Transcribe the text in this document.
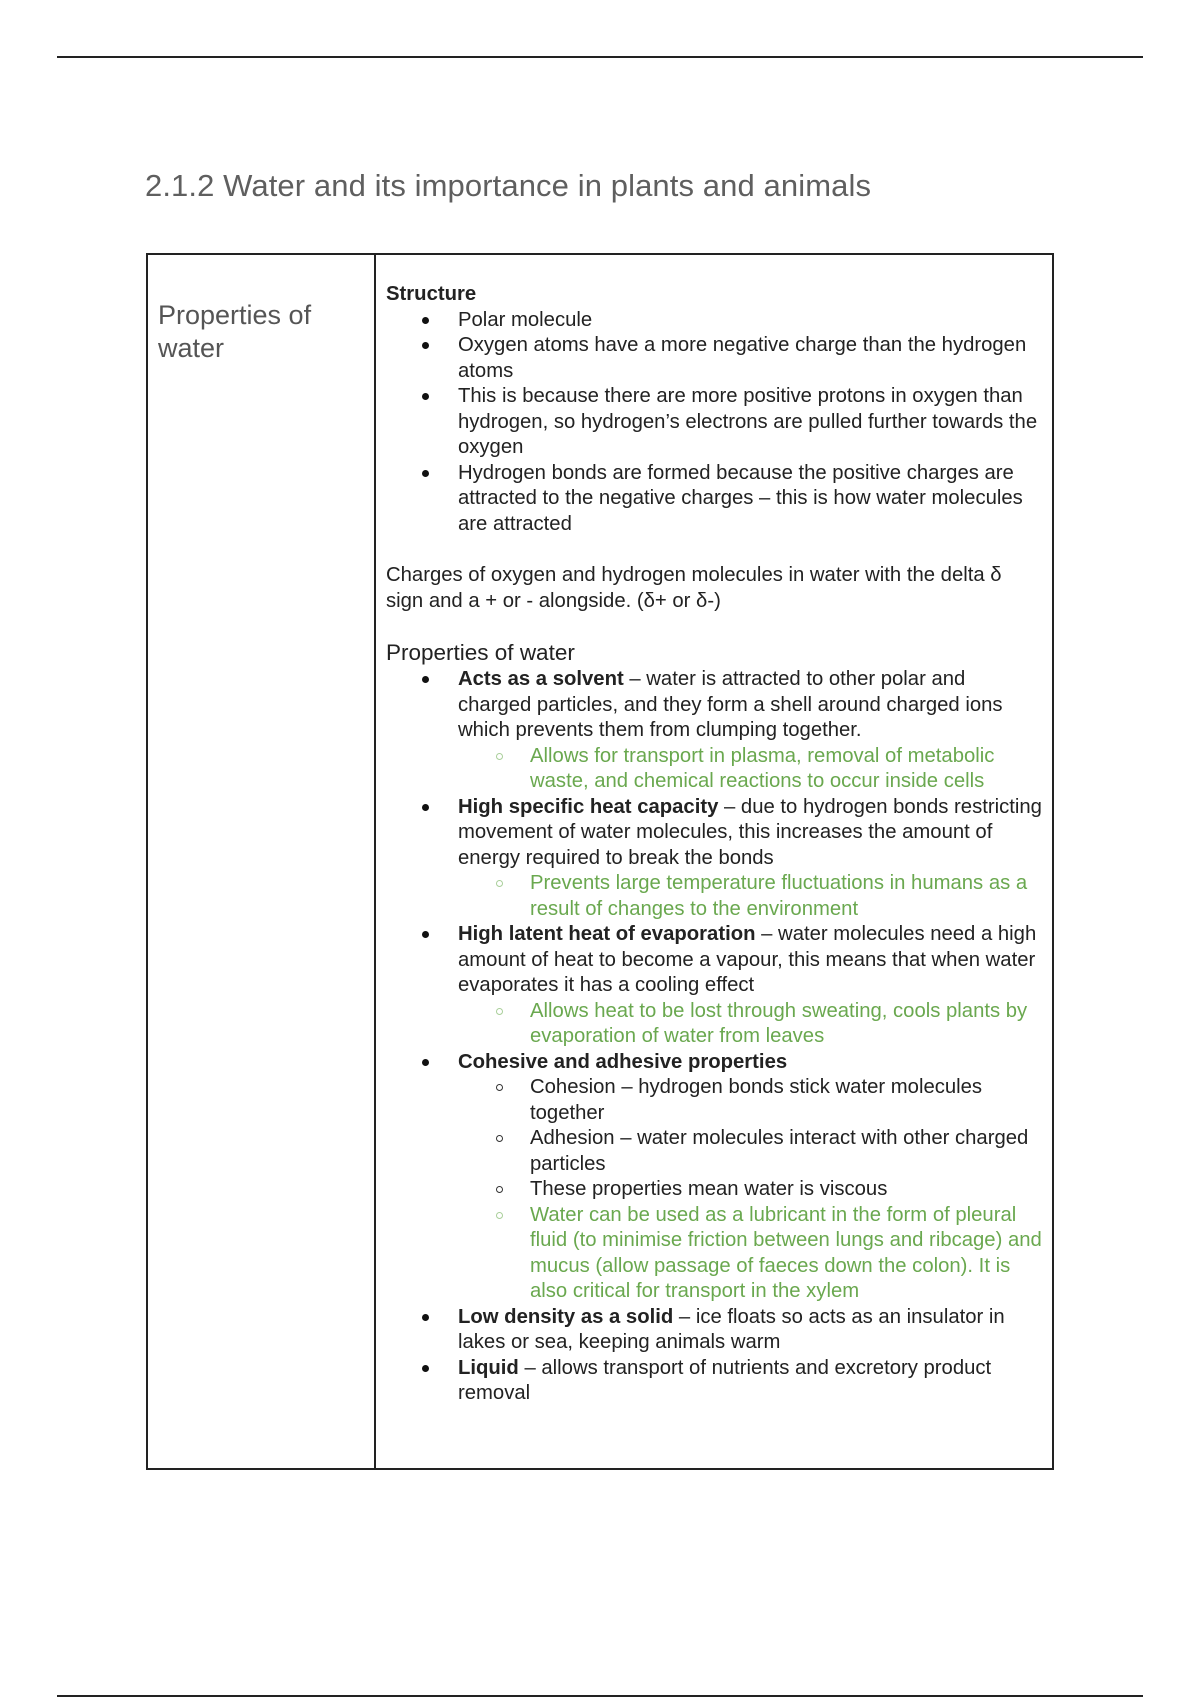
2.1.2 Water and its importance in plants and animals
Properties of water

Structure
Polar molecule
Oxygen atoms have a more negative charge than the hydrogen atoms
This is because there are more positive protons in oxygen than hydrogen, so hydrogen’s electrons are pulled further towards the oxygen
Hydrogen bonds are formed because the positive charges are attracted to the negative charges – this is how water molecules are attracted
Charges of oxygen and hydrogen molecules in water with the delta δ sign and a + or - alongside. (δ+ or δ-)
Properties of water
Acts as a solvent – water is attracted to other polar and charged particles, and they form a shell around charged ions which prevents them from clumping together.
Allows for transport in plasma, removal of metabolic waste, and chemical reactions to occur inside cells
High specific heat capacity – due to hydrogen bonds restricting movement of water molecules, this increases the amount of energy required to break the bonds
Prevents large temperature fluctuations in humans as a result of changes to the environment
High latent heat of evaporation – water molecules need a high amount of heat to become a vapour, this means that when water evaporates it has a cooling effect
Allows heat to be lost through sweating, cools plants by evaporation of water from leaves
Cohesive and adhesive properties
Cohesion – hydrogen bonds stick water molecules together
Adhesion – water molecules interact with other charged particles
These properties mean water is viscous
Water can be used as a lubricant in the form of pleural fluid (to minimise friction between lungs and ribcage) and mucus (allow passage of faeces down the colon). It is also critical for transport in the xylem
Low density as a solid – ice floats so acts as an insulator in lakes or sea, keeping animals warm
Liquid – allows transport of nutrients and excretory product removal
